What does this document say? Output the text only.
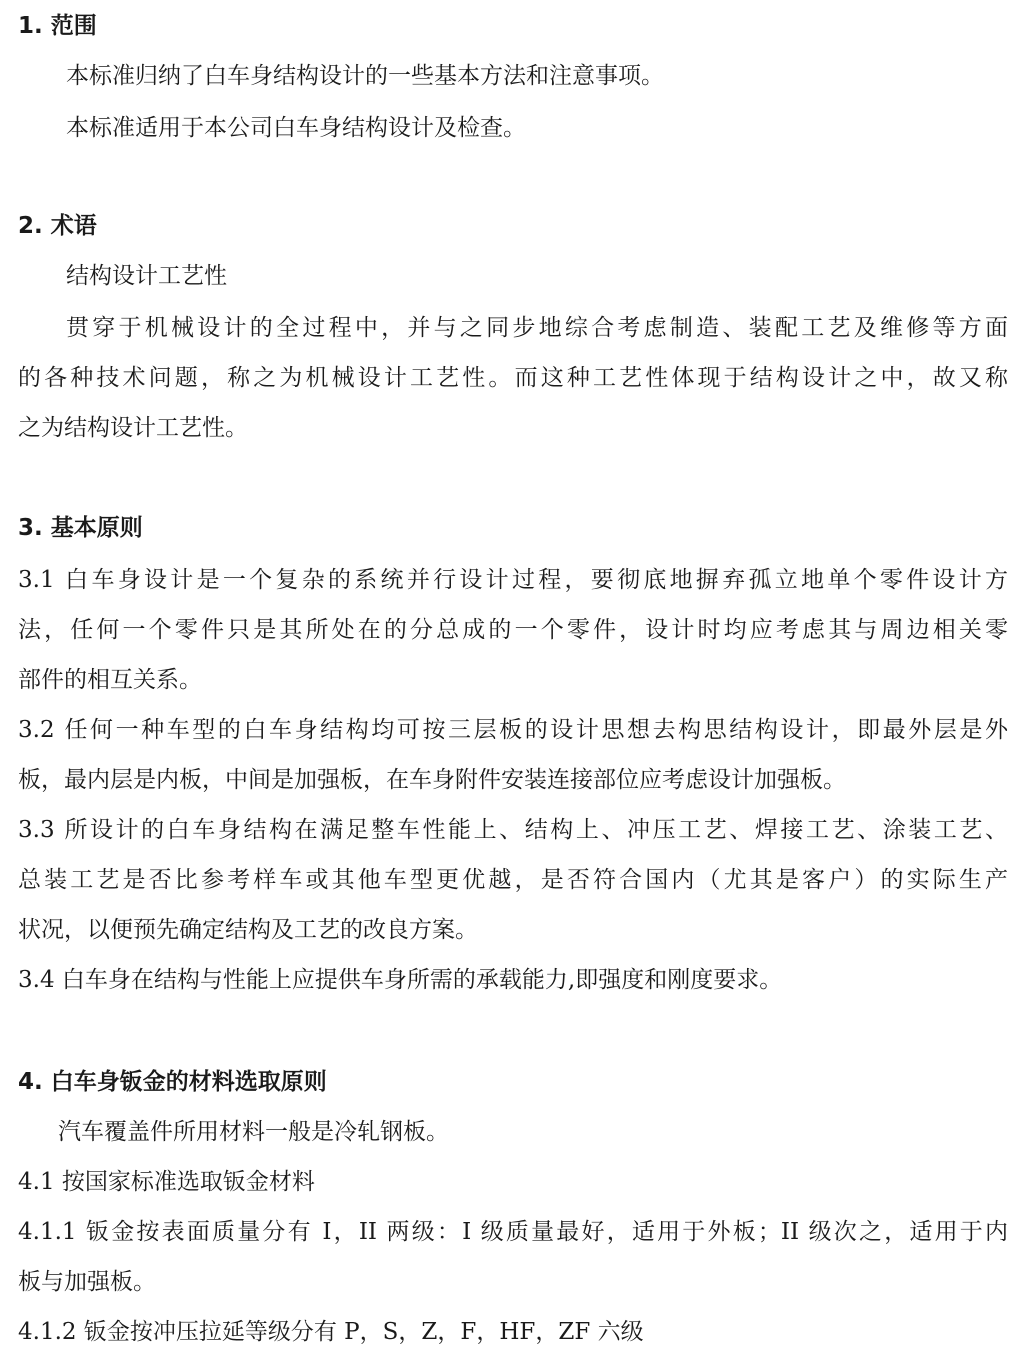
1. 范围
本标准归纳了白车身结构设计的一些基本方法和注意事项。
本标准适用于本公司白车身结构设计及检查。
2. 术语
结构设计工艺性
贯穿于机械设计的全过程中，并与之同步地综合考虑制造、装配工艺及维修等方面
的各种技术问题，称之为机械设计工艺性。而这种工艺性体现于结构设计之中，故又称
之为结构设计工艺性。
3. 基本原则
3.1 白车身设计是一个复杂的系统并行设计过程，要彻底地摒弃孤立地单个零件设计方
法，任何一个零件只是其所处在的分总成的一个零件，设计时均应考虑其与周边相关零
部件的相互关系。
3.2 任何一种车型的白车身结构均可按三层板的设计思想去构思结构设计，即最外层是外
板，最内层是内板，中间是加强板，在车身附件安装连接部位应考虑设计加强板。
3.3 所设计的白车身结构在满足整车性能上、结构上、冲压工艺、焊接工艺、涂装工艺、
总装工艺是否比参考样车或其他车型更优越，是否符合国内（尤其是客户）的实际生产
状况，以便预先确定结构及工艺的改良方案。
3.4 白车身在结构与性能上应提供车身所需的承载能力,即强度和刚度要求。
4. 白车身钣金的材料选取原则
汽车覆盖件所用材料一般是冷轧钢板。
4.1 按国家标准选取钣金材料
4.1.1 钣金按表面质量分有 I，II 两级：I 级质量最好，适用于外板；II 级次之，适用于内
板与加强板。
4.1.2 钣金按冲压拉延等级分有 P，S，Z，F，HF，ZF 六级
